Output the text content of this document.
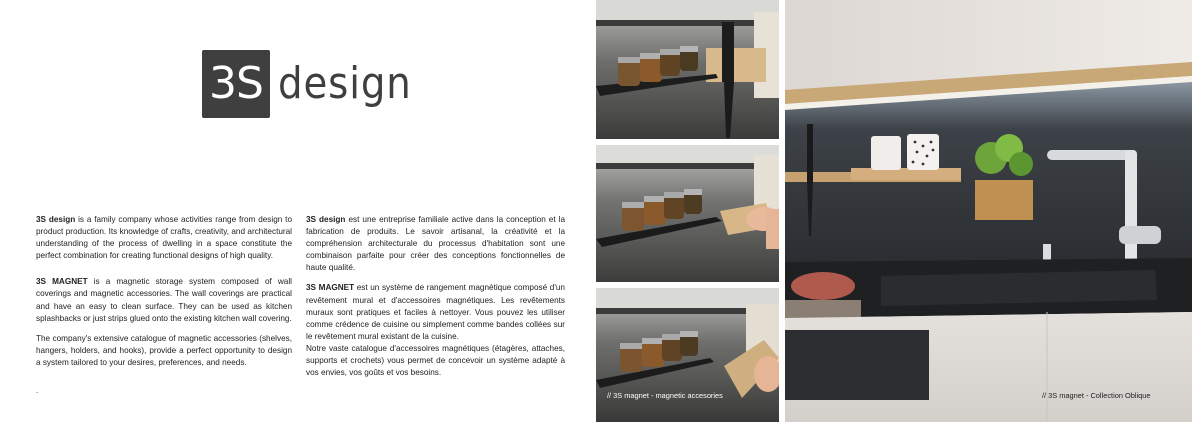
3S design

3S design is a family company whose activities range from design to product production. Its knowledge of crafts, creativity, and architectural understanding of the process of dwelling in a space constitute the perfect combination for creating functional designs of high quality.

3S MAGNET is a magnetic storage system composed of wall coverings and magnetic accessories. The wall coverings are practical and have an easy to clean surface. They can be used as kitchen splashbacks or just strips glued onto the existing kitchen wall covering.

The company's extensive catalogue of magnetic accessories (shelves, hangers, holders, and hooks), provide a perfect opportunity to design a system tailored to your desires, preferences, and needs.

.

3S design est une entreprise familiale active dans la conception et la fabrication de produits. Le savoir artisanal, la créativité et la compréhension architecturale du processus d'habitation sont une combinaison parfaite pour créer des conceptions fonctionnelles de haute qualité.

3S MAGNET est un système de rangement magnétique composé d'un revêtement mural et d'accessoires magnétiques. Les revêtements muraux sont pratiques et faciles à nettoyer. Vous pouvez les utiliser comme crédence de cuisine ou simplement comme bandes collées sur le revêtement mural existant de la cuisine.

Notre vaste catalogue d'accessoires magnétiques (étagères, attaches, supports et crochets) vous permet de concevoir un système adapté à vos envies, vos goûts et vos besoins.

// 3S magnet - magnetic accesories	// 3S magnet - Collection Oblique
